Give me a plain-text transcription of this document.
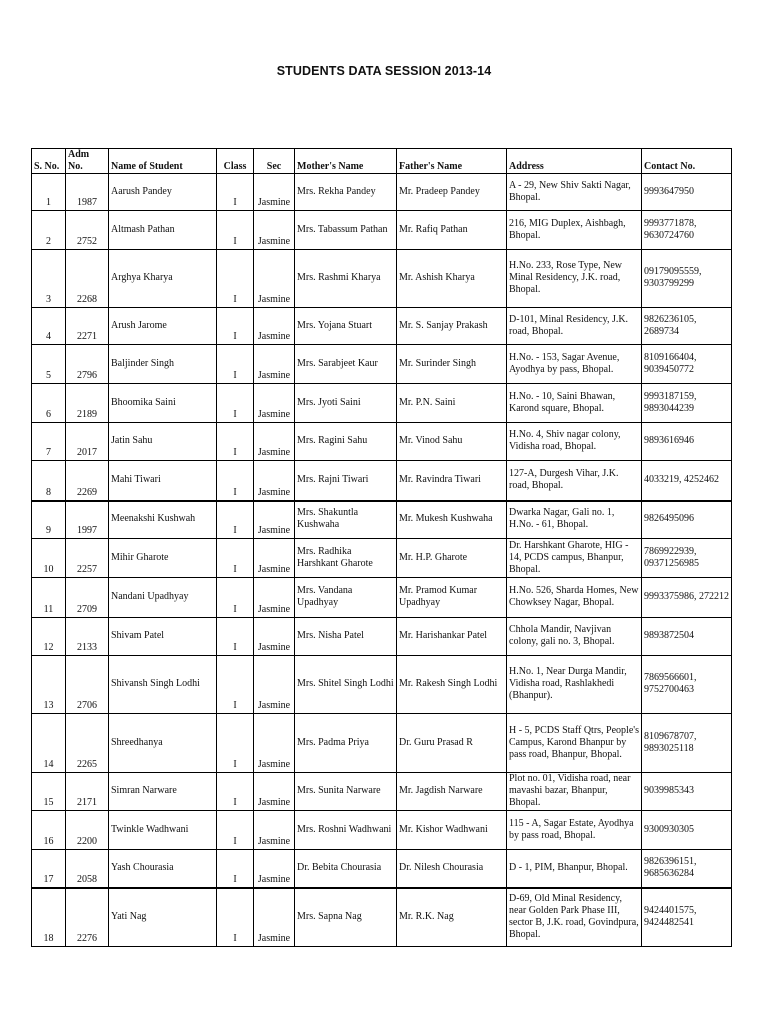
STUDENTS DATA SESSION 2013-14
S. No.	Adm No.	Name of Student	Class	Sec	Mother's Name	Father's Name	Address	Contact No.
1	1987	Aarush Pandey	I	Jasmine	Mrs. Rekha Pandey	Mr. Pradeep Pandey	A - 29, New Shiv Sakti Nagar, Bhopal.	9993647950
2	2752	Altmash Pathan	I	Jasmine	Mrs. Tabassum Pathan	Mr. Rafiq Pathan	216, MIG Duplex, Aishbagh, Bhopal.	9993771878, 9630724760
3	2268	Arghya Kharya	I	Jasmine	Mrs. Rashmi Kharya	Mr. Ashish Kharya	H.No. 233, Rose Type, New Minal Residency, J.K. road, Bhopal.	09179095559, 9303799299
4	2271	Arush Jarome	I	Jasmine	Mrs. Yojana Stuart	Mr. S. Sanjay Prakash	D-101, Minal Residency, J.K. road, Bhopal.	9826236105, 2689734
5	2796	Baljinder Singh	I	Jasmine	Mrs. Sarabjeet Kaur	Mr. Surinder Singh	H.No. - 153, Sagar Avenue, Ayodhya by pass, Bhopal.	8109166404, 9039450772
6	2189	Bhoomika Saini	I	Jasmine	Mrs. Jyoti Saini	Mr. P.N. Saini	H.No. - 10, Saini Bhawan, Karond square, Bhopal.	9993187159, 9893044239
7	2017	Jatin Sahu	I	Jasmine	Mrs. Ragini Sahu	Mr. Vinod Sahu	H.No. 4, Shiv nagar colony, Vidisha road, Bhopal.	9893616946
8	2269	Mahi Tiwari	I	Jasmine	Mrs. Rajni Tiwari	Mr. Ravindra Tiwari	127-A, Durgesh Vihar, J.K. road, Bhopal.	4033219, 4252462
9	1997	Meenakshi Kushwah	I	Jasmine	Mrs. Shakuntla Kushwaha	Mr. Mukesh Kushwaha	Dwarka Nagar, Gali no. 1, H.No. - 61, Bhopal.	9826495096
10	2257	Mihir Gharote	I	Jasmine	Mrs. Radhika Harshkant Gharote	Mr. H.P. Gharote	Dr. Harshkant Gharote, HIG - 14, PCDS campus, Bhanpur, Bhopal.	7869922939, 09371256985
11	2709	Nandani Upadhyay	I	Jasmine	Mrs. Vandana Upadhyay	Mr. Pramod Kumar Upadhyay	H.No. 526, Sharda Homes, New Chowksey Nagar, Bhopal.	9993375986, 272212
12	2133	Shivam Patel	I	Jasmine	Mrs. Nisha Patel	Mr. Harishankar Patel	Chhola Mandir, Navjivan colony, gali no. 3, Bhopal.	9893872504
13	2706	Shivansh Singh Lodhi	I	Jasmine	Mrs. Shitel Singh Lodhi	Mr. Rakesh Singh Lodhi	H.No. 1, Near Durga Mandir, Vidisha road, Rashlakhedi (Bhanpur).	7869566601, 9752700463
14	2265	Shreedhanya	I	Jasmine	Mrs. Padma Priya	Dr. Guru Prasad R	H - 5, PCDS Staff Qtrs, People's Campus, Karond Bhanpur by pass road, Bhanpur, Bhopal.	8109678707, 9893025118
15	2171	Simran Narware	I	Jasmine	Mrs. Sunita Narware	Mr. Jagdish Narware	Plot no. 01, Vidisha road, near mavashi bazar, Bhanpur, Bhopal.	9039985343
16	2200	Twinkle Wadhwani	I	Jasmine	Mrs. Roshni Wadhwani	Mr. Kishor Wadhwani	115 - A, Sagar Estate, Ayodhya by pass road, Bhopal.	9300930305
17	2058	Yash Chourasia	I	Jasmine	Dr. Bebita Chourasia	Dr. Nilesh Chourasia	D - 1, PIM, Bhanpur, Bhopal.	9826396151, 9685636284
18	2276	Yati Nag	I	Jasmine	Mrs. Sapna Nag	Mr. R.K. Nag	D-69, Old Minal Residency, near Golden Park Phase III, sector B, J.K. road, Govindpura, Bhopal.	9424401575, 9424482541
